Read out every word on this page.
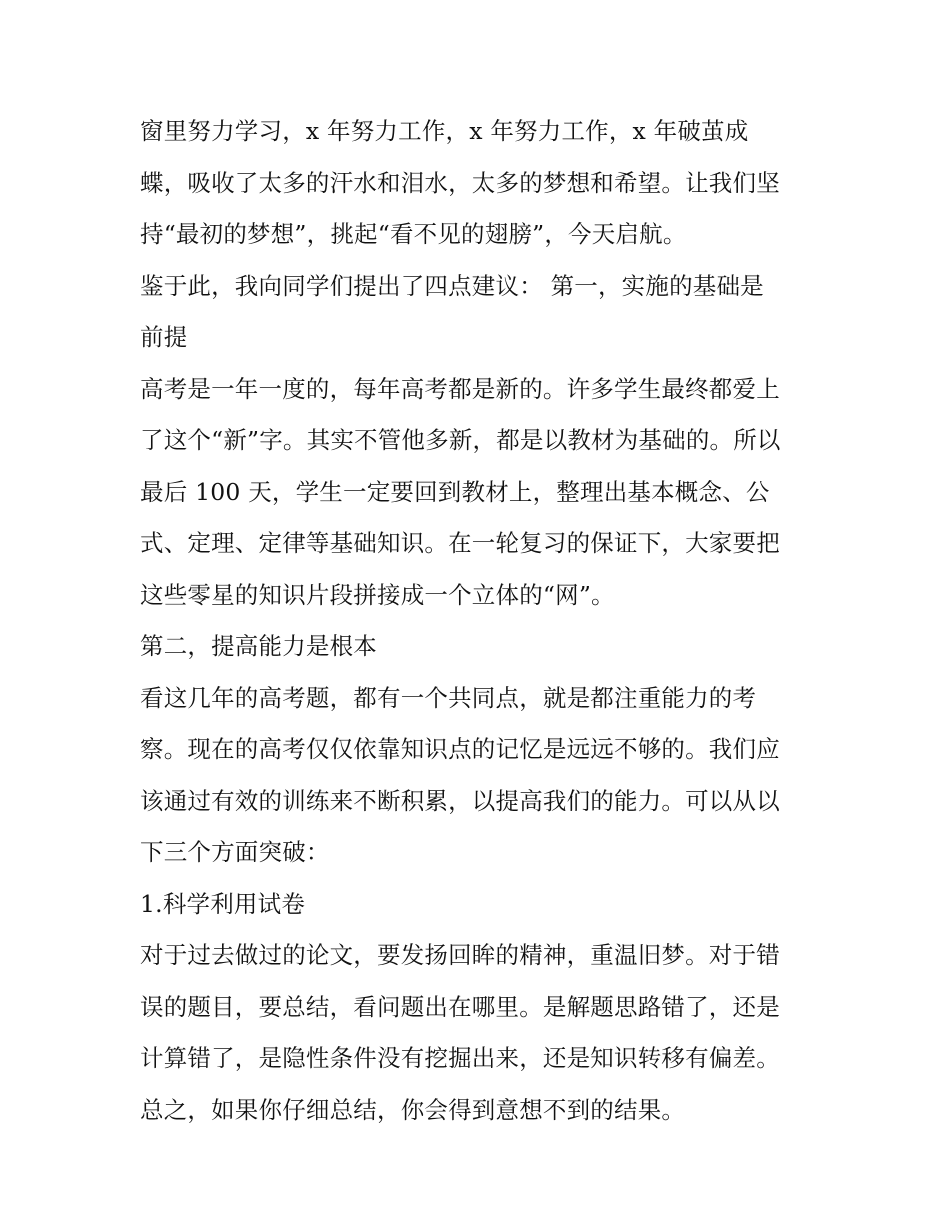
窗里努力学习，x 年努力工作，x 年努力工作，x 年破茧成
蝶，吸收了太多的汗水和泪水，太多的梦想和希望。让我们坚
持“最初的梦想”，挑起“看不见的翅膀”，今天启航。
鉴于此，我向同学们提出了四点建议： 第一，实施的基础是
前提
高考是一年一度的，每年高考都是新的。许多学生最终都爱上
了这个“新”字。其实不管他多新，都是以教材为基础的。所以
最后 100 天，学生一定要回到教材上，整理出基本概念、公
式、定理、定律等基础知识。在一轮复习的保证下，大家要把
这些零星的知识片段拼接成一个立体的“网”。
第二，提高能力是根本
看这几年的高考题，都有一个共同点，就是都注重能力的考
察。现在的高考仅仅依靠知识点的记忆是远远不够的。我们应
该通过有效的训练来不断积累，以提高我们的能力。可以从以
下三个方面突破：
1.科学利用试卷
对于过去做过的论文，要发扬回眸的精神，重温旧梦。对于错
误的题目，要总结，看问题出在哪里。是解题思路错了，还是
计算错了，是隐性条件没有挖掘出来，还是知识转移有偏差。
总之，如果你仔细总结，你会得到意想不到的结果。
